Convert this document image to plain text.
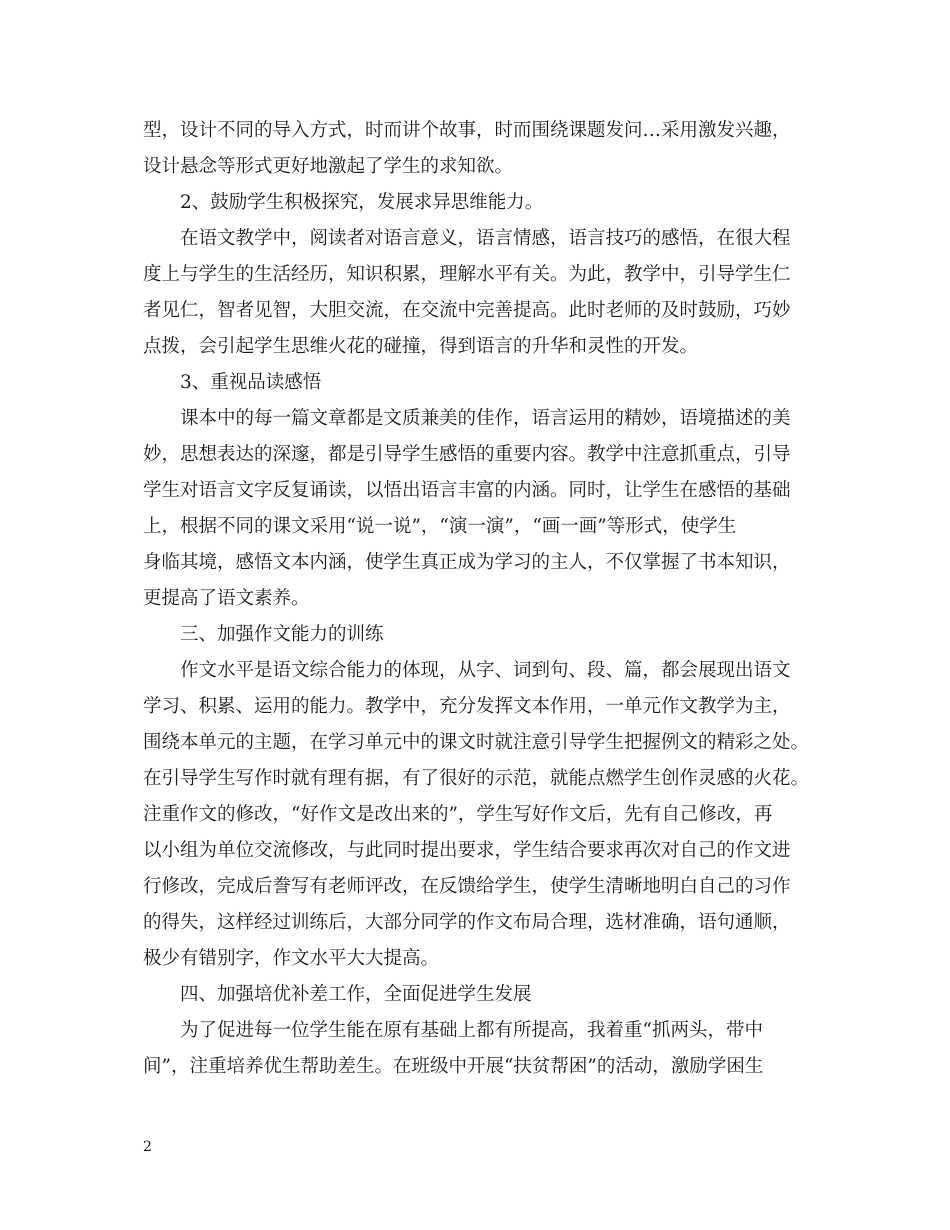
型，设计不同的导入方式，时而讲个故事，时而围绕课题发问…采用激发兴趣，
设计悬念等形式更好地激起了学生的求知欲。
2、鼓励学生积极探究，发展求异思维能力。
在语文教学中，阅读者对语言意义，语言情感，语言技巧的感悟，在很大程
度上与学生的生活经历，知识积累，理解水平有关。为此，教学中，引导学生仁
者见仁，智者见智，大胆交流，在交流中完善提高。此时老师的及时鼓励，巧妙
点拨，会引起学生思维火花的碰撞，得到语言的升华和灵性的开发。
3、重视品读感悟
课本中的每一篇文章都是文质兼美的佳作，语言运用的精妙，语境描述的美
妙，思想表达的深邃，都是引导学生感悟的重要内容。教学中注意抓重点，引导
学生对语言文字反复诵读，以悟出语言丰富的内涵。同时，让学生在感悟的基础
上，根据不同的课文采用“说一说”，“演一演”，“画一画”等形式，使学生
身临其境，感悟文本内涵，使学生真正成为学习的主人，不仅掌握了书本知识，
更提高了语文素养。
三、加强作文能力的训练
作文水平是语文综合能力的体现，从字、词到句、段、篇，都会展现出语文
学习、积累、运用的能力。教学中，充分发挥文本作用，一单元作文教学为主，
围绕本单元的主题，在学习单元中的课文时就注意引导学生把握例文的精彩之处。
在引导学生写作时就有理有据，有了很好的示范，就能点燃学生创作灵感的火花。
注重作文的修改，“好作文是改出来的”，学生写好作文后，先有自己修改，再
以小组为单位交流修改，与此同时提出要求，学生结合要求再次对自己的作文进
行修改，完成后誊写有老师评改，在反馈给学生，使学生清晰地明白自己的习作
的得失，这样经过训练后，大部分同学的作文布局合理，选材准确，语句通顺，
极少有错别字，作文水平大大提高。
四、加强培优补差工作，全面促进学生发展
为了促进每一位学生能在原有基础上都有所提高，我着重“抓两头，带中
间”，注重培养优生帮助差生。在班级中开展“扶贫帮困”的活动，激励学困生
2
